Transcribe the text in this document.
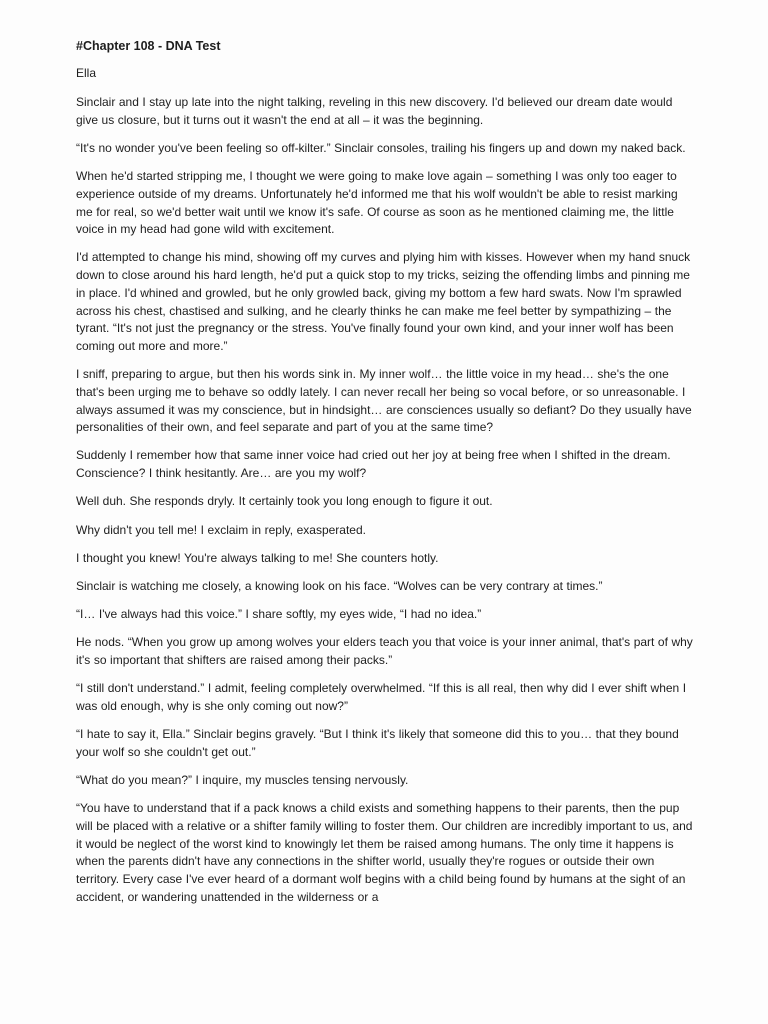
#Chapter 108 - DNA Test
Ella

Sinclair and I stay up late into the night talking, reveling in this new discovery. I'd believed our dream date would give us closure, but it turns out it wasn't the end at all – it was the beginning.

“It's no wonder you've been feeling so off-kilter.” Sinclair consoles, trailing his fingers up and down my naked back.

When he'd started stripping me, I thought we were going to make love again – something I was only too eager to experience outside of my dreams. Unfortunately he'd informed me that his wolf wouldn't be able to resist marking me for real, so we'd better wait until we know it's safe. Of course as soon as he mentioned claiming me, the little voice in my head had gone wild with excitement.

I'd attempted to change his mind, showing off my curves and plying him with kisses. However when my hand snuck down to close around his hard length, he'd put a quick stop to my tricks, seizing the offending limbs and pinning me in place. I'd whined and growled, but he only growled back, giving my bottom a few hard swats. Now I'm sprawled across his chest, chastised and sulking, and he clearly thinks he can make me feel better by sympathizing – the tyrant. “It's not just the pregnancy or the stress. You've finally found your own kind, and your inner wolf has been coming out more and more.”

I sniff, preparing to argue, but then his words sink in. My inner wolf… the little voice in my head… she's the one that's been urging me to behave so oddly lately. I can never recall her being so vocal before, or so unreasonable. I always assumed it was my conscience, but in hindsight… are consciences usually so defiant? Do they usually have personalities of their own, and feel separate and part of you at the same time?

Suddenly I remember how that same inner voice had cried out her joy at being free when I shifted in the dream. Conscience? I think hesitantly. Are… are you my wolf?

Well duh. She responds dryly. It certainly took you long enough to figure it out.

Why didn't you tell me! I exclaim in reply, exasperated.

I thought you knew! You're always talking to me! She counters hotly.

Sinclair is watching me closely, a knowing look on his face. “Wolves can be very contrary at times.”

“I… I've always had this voice.” I share softly, my eyes wide, “I had no idea.”

He nods. “When you grow up among wolves your elders teach you that voice is your inner animal, that's part of why it's so important that shifters are raised among their packs.”

“I still don't understand.” I admit, feeling completely overwhelmed. “If this is all real, then why did I ever shift when I was old enough, why is she only coming out now?”

“I hate to say it, Ella.” Sinclair begins gravely. “But I think it's likely that someone did this to you… that they bound your wolf so she couldn't get out.”

“What do you mean?” I inquire, my muscles tensing nervously.

“You have to understand that if a pack knows a child exists and something happens to their parents, then the pup will be placed with a relative or a shifter family willing to foster them. Our children are incredibly important to us, and it would be neglect of the worst kind to knowingly let them be raised among humans. The only time it happens is when the parents didn't have any connections in the shifter world, usually they're rogues or outside their own territory. Every case I've ever heard of a dormant wolf begins with a child being found by humans at the sight of an accident, or wandering unattended in the wilderness or a
